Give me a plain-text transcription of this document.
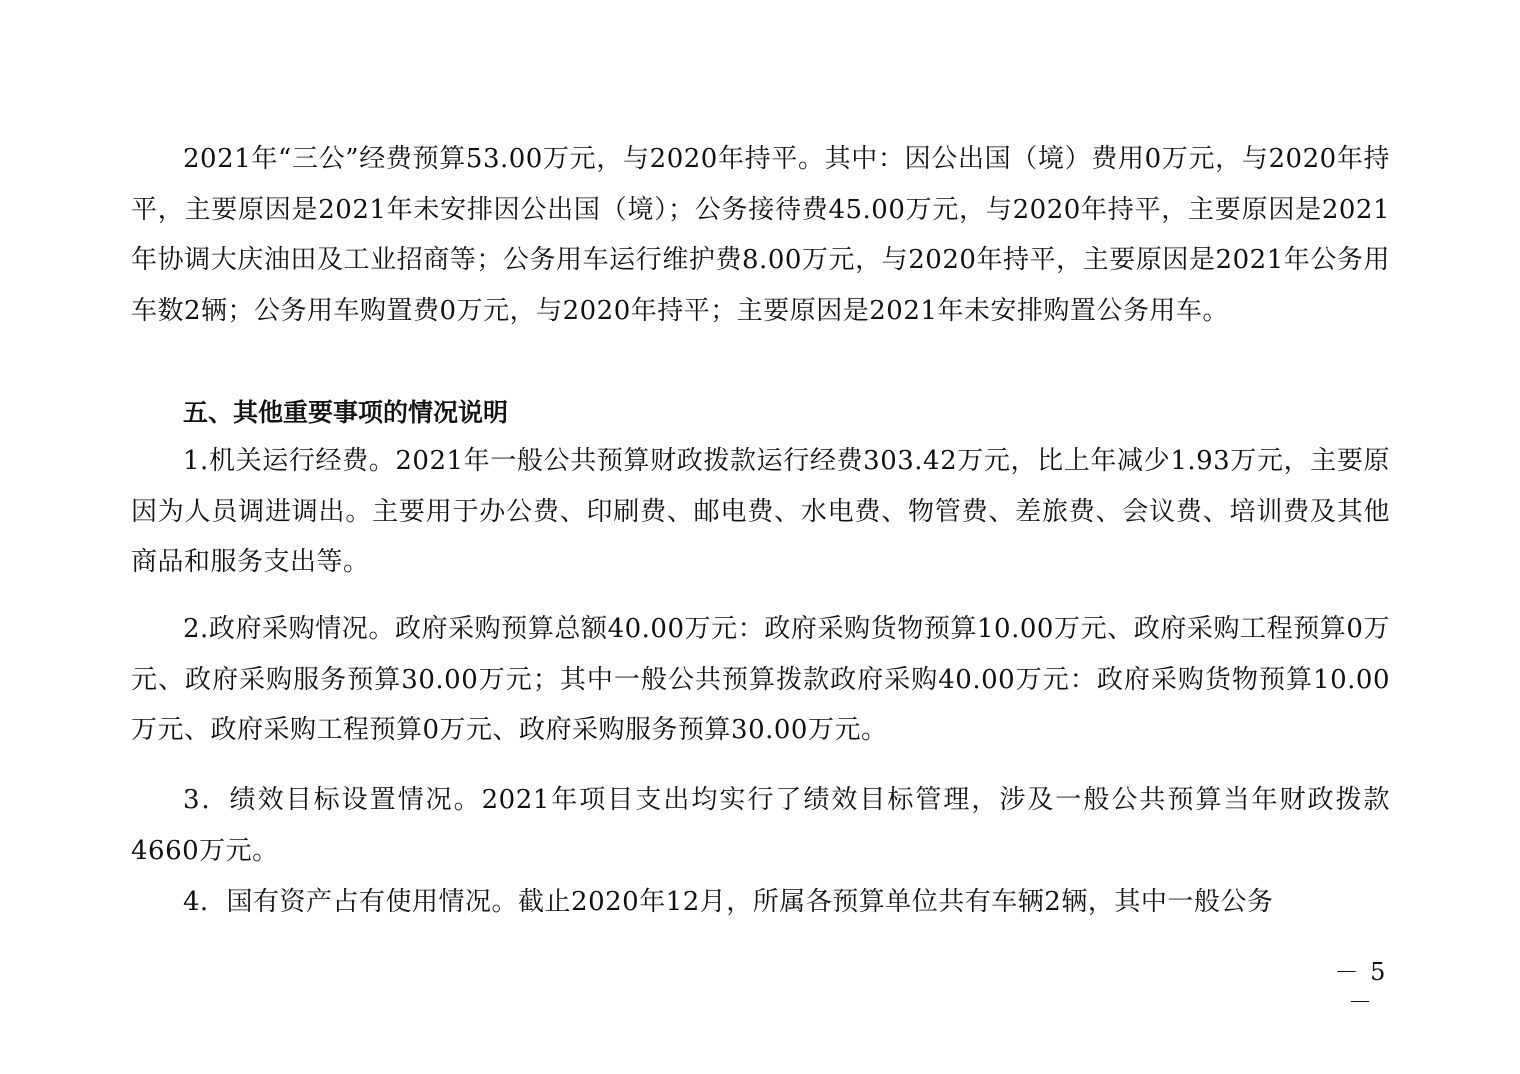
2021年“三公”经费预算53.00万元，与2020年持平。其中：因公出国（境）费用0万元，与2020年持平，主要原因是2021年未安排因公出国（境）；公务接待费45.00万元，与2020年持平，主要原因是2021年协调大庆油田及工业招商等；公务用车运行维护费8.00万元，与2020年持平，主要原因是2021年公务用车数2辆；公务用车购置费0万元，与2020年持平；主要原因是2021年未安排购置公务用车。

五、其他重要事项的情况说明

1.机关运行经费。2021年一般公共预算财政拨款运行经费303.42万元，比上年减少1.93万元，主要原因为人员调进调出。主要用于办公费、印刷费、邮电费、水电费、物管费、差旅费、会议费、培训费及其他商品和服务支出等。

2.政府采购情况。政府采购预算总额40.00万元：政府采购货物预算10.00万元、政府采购工程预算0万元、政府采购服务预算30.00万元；其中一般公共预算拨款政府采购40.00万元：政府采购货物预算10.00 万元、政府采购工程预算0万元、政府采购服务预算30.00万元。

3．绩效目标设置情况。2021年项目支出均实行了绩效目标管理，涉及一般公共预算当年财政拨款4660万元。

4．国有资产占有使用情况。截止2020年12月，所属各预算单位共有车辆2辆，其中一般公务

－ 5 －
